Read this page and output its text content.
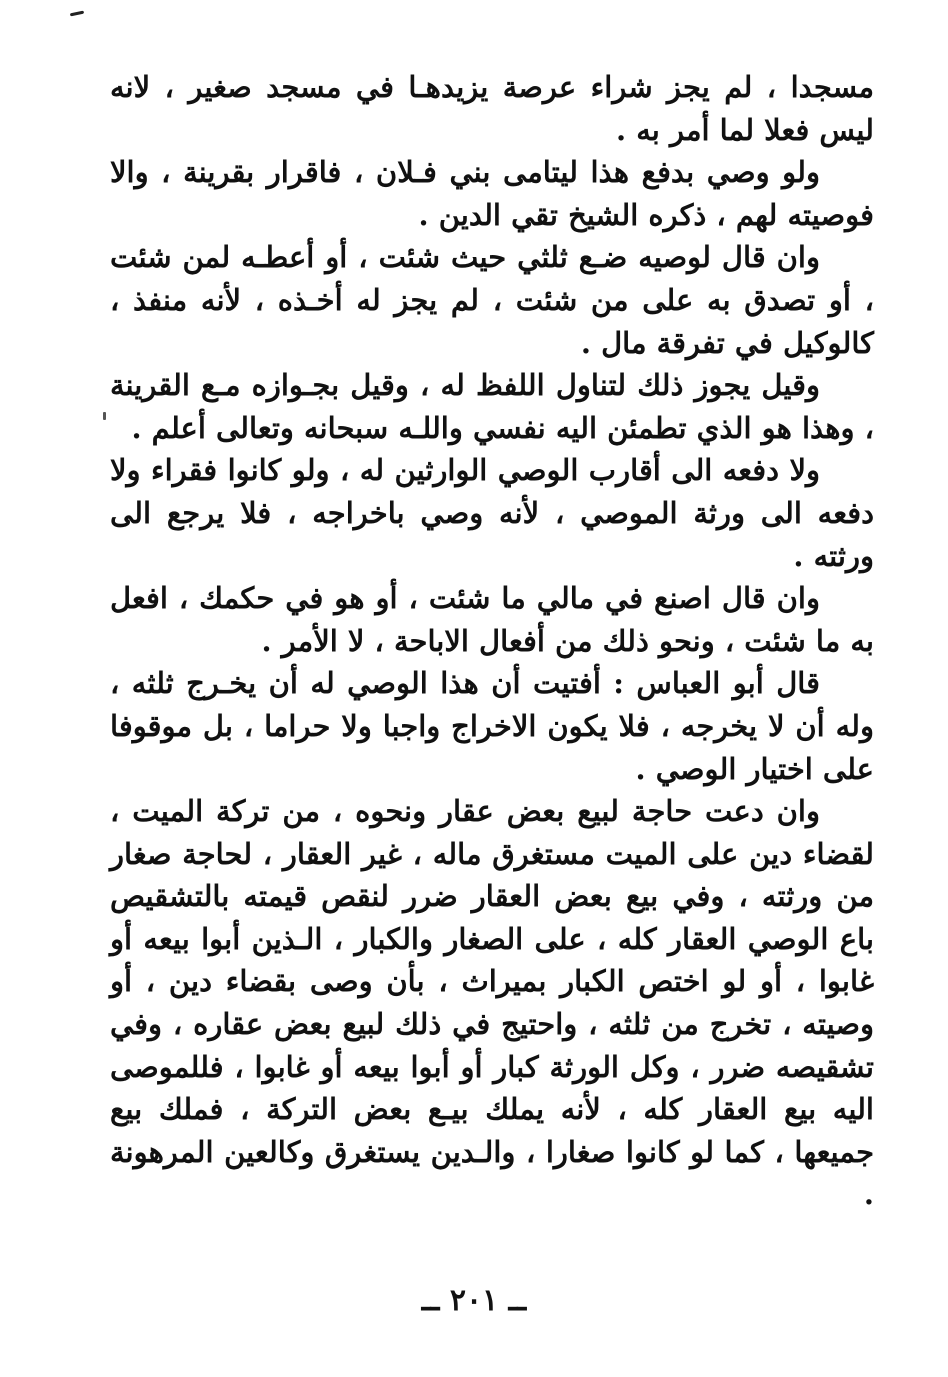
مسجدا ، لم يجز شراء عرصة يزيدهـا في مسجد صغير ، لانه ليس فعلا لما أمر به .

ولو وصي بدفع هذا ليتامى بني فـلان ، فاقرار بقرينة ، والا فوصيته لهم ، ذكره الشيخ تقي الدين .

وان قال لوصيه ضـع ثلثي حيث شئت ، أو أعطـه لمن شئت ، أو تصدق به على من شئت ، لم يجز له أخـذه ، لأنه منفذ ، كالوكيل في تفرقة مال .

وقيل يجوز ذلك لتناول اللفظ له ، وقيل بجـوازه مـع القرينة ، وهذا هو الذي تطمئن اليه نفسي واللـه سبحانه وتعالى أعلم .

ولا دفعه الى أقارب الوصي الوارثين له ، ولو كانوا فقراء ولا دفعه الى ورثة الموصي ، لأنه وصي باخراجه ، فلا يرجع الى ورثته .

وان قال اصنع في مالي ما شئت ، أو هو في حكمك ، افعل به ما شئت ، ونحو ذلك من أفعال الاباحة ، لا الأمر .

قال أبو العباس : أفتيت أن هذا الوصي له أن يخـرج ثلثه ، وله أن لا يخرجه ، فلا يكون الاخراج واجبا ولا حراما ، بل موقوفا على اختيار الوصي .

وان دعت حاجة لبيع بعض عقار ونحوه ، من تركة الميت ، لقضاء دين على الميت مستغرق ماله ، غير العقار ، لحاجة صغار من ورثته ، وفي بيع بعض العقار ضرر لنقص قيمته بالتشقيص باع الوصي العقار كله ، على الصغار والكبار ، الـذين أبوا بيعه أو غابوا ، أو لو اختص الكبار بميراث ، بأن وصى بقضاء دين ، أو وصيته ، تخرج من ثلثه ، واحتيج في ذلك لبيع بعض عقاره ، وفي تشقيصه ضرر ، وكل الورثة كبار أو أبوا بيعه أو غابوا ، فللموصى اليه بيع العقار كله ، لأنه يملك بيـع بعض التركة ، فملك بيع جميعها ، كما لو كانوا صغارا ، والـدين يستغرق وكالعين المرهونة .

ــ ٢٠١ ــ
